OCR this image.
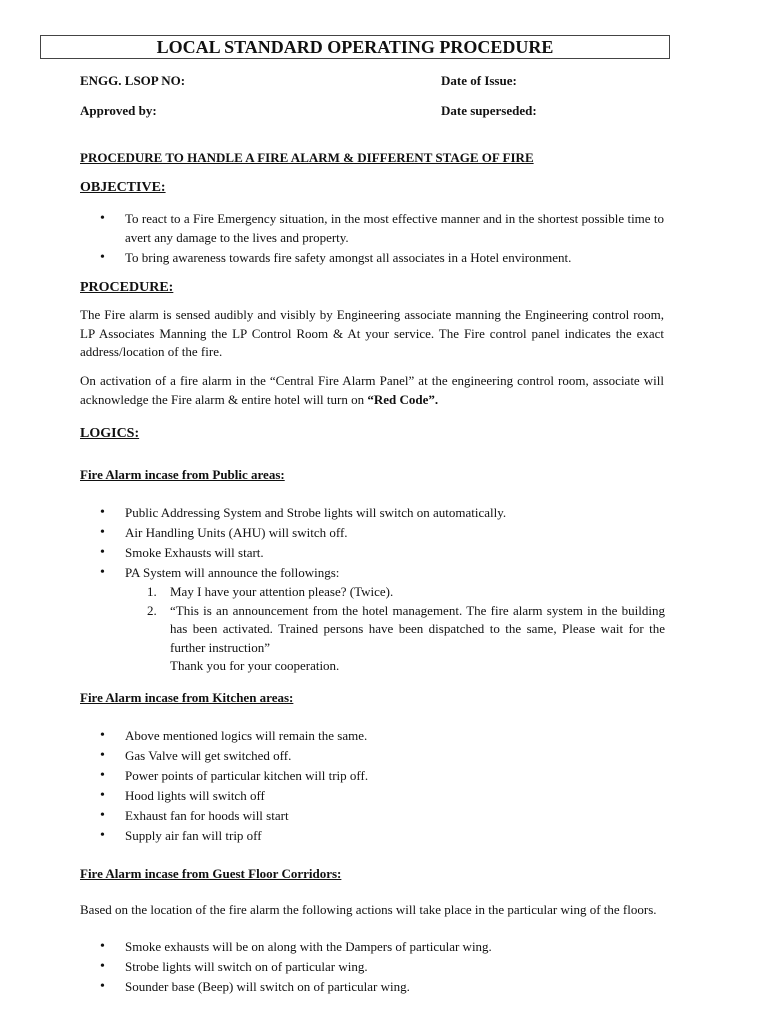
LOCAL STANDARD OPERATING PROCEDURE
ENGG. LSOP NO:	Date of Issue:
Approved by:	Date superseded:
PROCEDURE TO HANDLE A FIRE ALARM & DIFFERENT STAGE OF FIRE
OBJECTIVE:
• To react to a Fire Emergency situation, in the most effective manner and in the shortest possible time to avert any damage to the lives and property.
• To bring awareness towards fire safety amongst all associates in a Hotel environment.
PROCEDURE:
The Fire alarm is sensed audibly and visibly by Engineering associate manning the Engineering control room, LP Associates Manning the LP Control Room & At your service. The Fire control panel indicates the exact address/location of the fire.
On activation of a fire alarm in the “Central Fire Alarm Panel” at the engineering control room, associate will acknowledge the Fire alarm & entire hotel will turn on “Red Code”.
LOGICS:
Fire Alarm incase from Public areas:
• Public Addressing System and Strobe lights will switch on automatically.
• Air Handling Units (AHU) will switch off.
• Smoke Exhausts will start.
• PA System will announce the followings:
1. May I have your attention please? (Twice).
2. “This is an announcement from the hotel management. The fire alarm system in the building has been activated. Trained persons have been dispatched to the same, Please wait for the further instruction”
Thank you for your cooperation.
Fire Alarm incase from Kitchen areas:
• Above mentioned logics will remain the same.
• Gas Valve will get switched off.
• Power points of particular kitchen will trip off.
• Hood lights will switch off
• Exhaust fan for hoods will start
• Supply air fan will trip off
Fire Alarm incase from Guest Floor Corridors:
Based on the location of the fire alarm the following actions will take place in the particular wing of the floors.
• Smoke exhausts will be on along with the Dampers of particular wing.
• Strobe lights will switch on of particular wing.
• Sounder base (Beep) will switch on of particular wing.
